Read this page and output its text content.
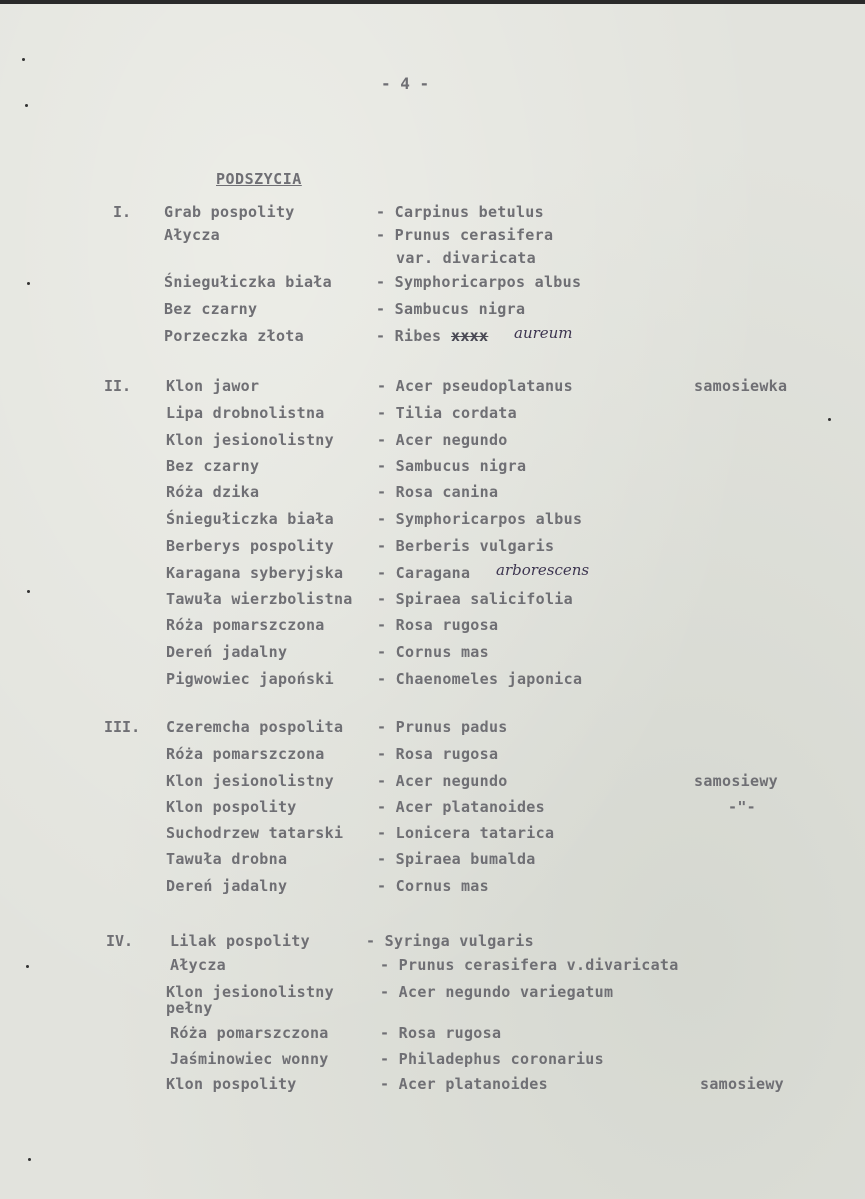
- 4 -
PODSZYCIA
I. Grab pospolity	- Carpinus betulus
Ałycza	- Prunus cerasifera
var. divaricata
Śniegułiczka biała	- Symphoricarpos albus
Bez czarny	- Sambucus nigra
Porzeczka złota	- Ribes xxxx aureum
II. Klon jawor	- Acer pseudoplatanus	samosiewka
Lipa drobnolistna	- Tilia cordata
Klon jesionolistny	- Acer negundo
Bez czarny	- Sambucus nigra
Róża dzika	- Rosa canina
Śniegułiczka biała	- Symphoricarpos albus
Berberys pospolity	- Berberis vulgaris
Karagana syberyjska - Caragana arborescens
Tawuła wierzbolistna - Spiraea salicifolia
Róża pomarszczona	- Rosa rugosa
Dereń jadalny	- Cornus mas
Pigwowiec japoński	- Chaenomeles japonica
III. Czeremcha pospolita - Prunus padus
Róża pomarszczona	- Rosa rugosa
Klon jesionolistny	- Acer negundo	samosiewy
Klon pospolity	- Acer platanoides	-"-
Suchodrzew tatarski - Lonicera tatarica
Tawuła drobna	- Spiraea bumalda
Dereń jadalny	- Cornus mas
IV. Lilak pospolity	- Syringa vulgaris
Ałycza	- Prunus cerasifera v.divaricata
Klon jesionolistny	- Acer negundo variegatum
pełny
Róża pomarszczona	- Rosa rugosa
Jaśminowiec wonny	- Philadephus coronarius
Klon pospolity	- Acer platanoides	samosiewy
